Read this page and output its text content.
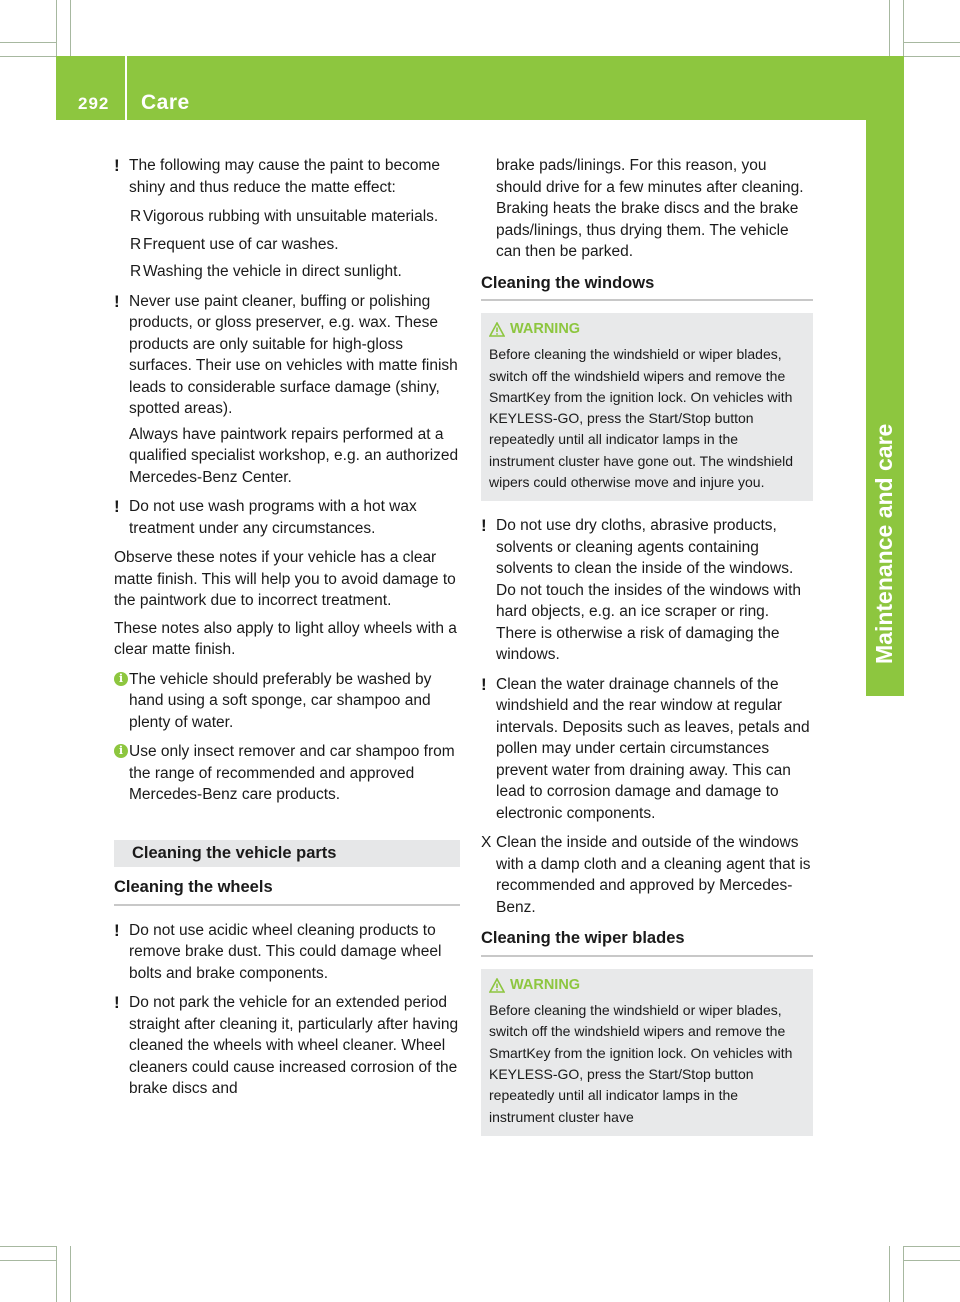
292 Care
Maintenance and care
! The following may cause the paint to become shiny and thus reduce the matte effect:
R Vigorous rubbing with unsuitable materials.
R Frequent use of car washes.
R Washing the vehicle in direct sunlight.
! Never use paint cleaner, buffing or polishing products, or gloss preserver, e.g. wax. These products are only suitable for high-gloss surfaces. Their use on vehicles with matte finish leads to considerable surface damage (shiny, spotted areas).
Always have paintwork repairs performed at a qualified specialist workshop, e.g. an authorized Mercedes-Benz Center.
! Do not use wash programs with a hot wax treatment under any circumstances.
Observe these notes if your vehicle has a clear matte finish. This will help you to avoid damage to the paintwork due to incorrect treatment.
These notes also apply to light alloy wheels with a clear matte finish.
i The vehicle should preferably be washed by hand using a soft sponge, car shampoo and plenty of water.
i Use only insect remover and car shampoo from the range of recommended and approved Mercedes-Benz care products.
Cleaning the vehicle parts
Cleaning the wheels
! Do not use acidic wheel cleaning products to remove brake dust. This could damage wheel bolts and brake components.
! Do not park the vehicle for an extended period straight after cleaning it, particularly after having cleaned the wheels with wheel cleaner. Wheel cleaners could cause increased corrosion of the brake discs and
brake pads/linings. For this reason, you should drive for a few minutes after cleaning. Braking heats the brake discs and the brake pads/linings, thus drying them. The vehicle can then be parked.
Cleaning the windows
WARNING
Before cleaning the windshield or wiper blades, switch off the windshield wipers and remove the SmartKey from the ignition lock. On vehicles with KEYLESS-GO, press the Start/Stop button repeatedly until all indicator lamps in the instrument cluster have gone out. The windshield wipers could otherwise move and injure you.
! Do not use dry cloths, abrasive products, solvents or cleaning agents containing solvents to clean the inside of the windows. Do not touch the insides of the windows with hard objects, e.g. an ice scraper or ring. There is otherwise a risk of damaging the windows.
! Clean the water drainage channels of the windshield and the rear window at regular intervals. Deposits such as leaves, petals and pollen may under certain circumstances prevent water from draining away. This can lead to corrosion damage and damage to electronic components.
X Clean the inside and outside of the windows with a damp cloth and a cleaning agent that is recommended and approved by Mercedes-Benz.
Cleaning the wiper blades
WARNING
Before cleaning the windshield or wiper blades, switch off the windshield wipers and remove the SmartKey from the ignition lock. On vehicles with KEYLESS-GO, press the Start/Stop button repeatedly until all indicator lamps in the instrument cluster have
